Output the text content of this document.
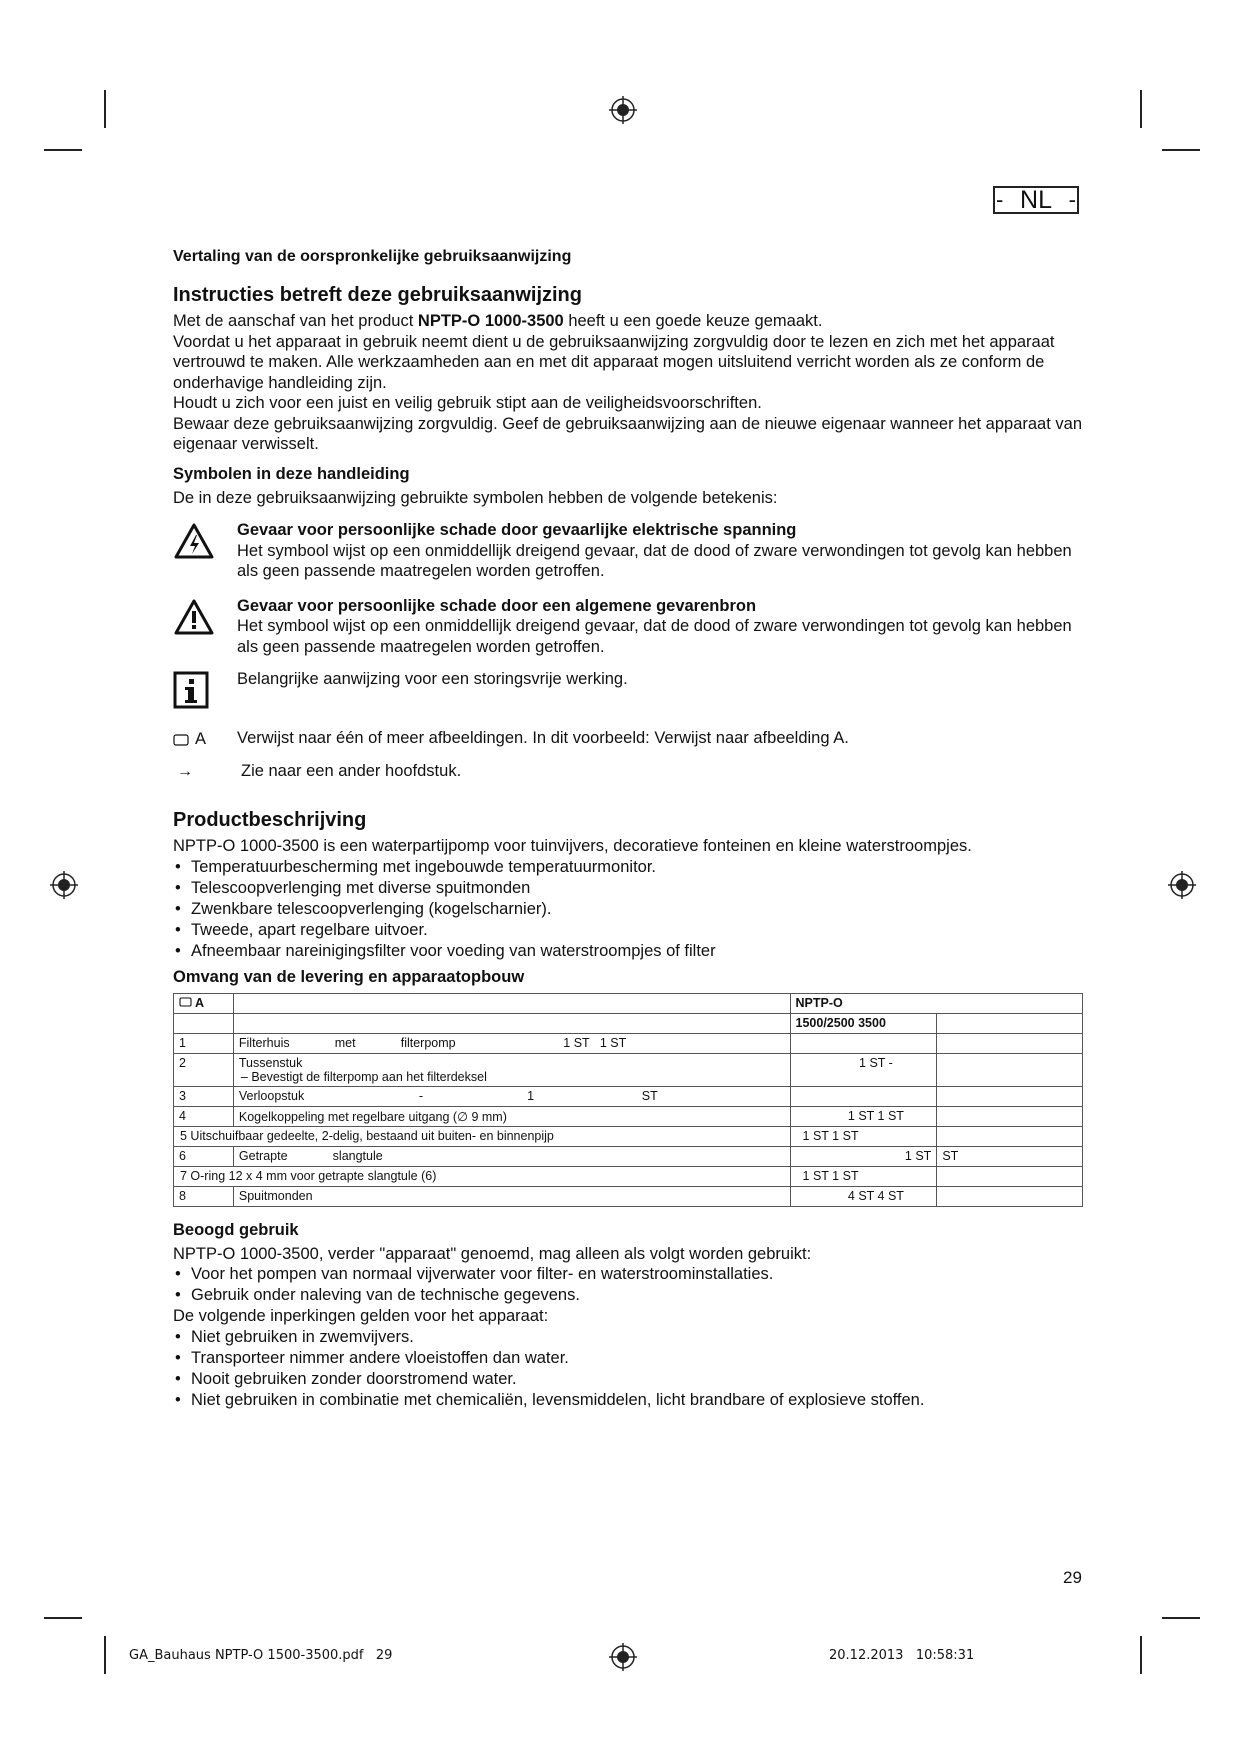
- NL -
Vertaling van de oorspronkelijke gebruiksaanwijzing
Instructies betreft deze gebruiksaanwijzing

Met de aanschaf van het product NPTP-O 1000-3500 heeft u een goede keuze gemaakt.

Voordat u het apparaat in gebruik neemt dient u de gebruiksaanwijzing zorgvuldig door te lezen en zich met het apparaat vertrouwd te maken. Alle werkzaamheden aan en met dit apparaat mogen uitsluitend verricht worden als ze conform de onderhavige handleiding zijn.

Houdt u zich voor een juist en veilig gebruik stipt aan de veiligheidsvoorschriften.

Bewaar deze gebruiksaanwijzing zorgvuldig. Geef de gebruiksaanwijzing aan de nieuwe eigenaar wanneer het apparaat van eigenaar verwisselt.

Symbolen in deze handleiding

De in deze gebruiksaanwijzing gebruikte symbolen hebben de volgende betekenis:

Gevaar voor persoonlijke schade door gevaarlijke elektrische spanning
Het symbool wijst op een onmiddellijk dreigend gevaar, dat de dood of zware verwondingen tot gevolg kan hebben als geen passende maatregelen worden getroffen.
Gevaar voor persoonlijke schade door een algemene gevarenbron
Het symbool wijst op een onmiddellijk dreigend gevaar, dat de dood of zware verwondingen tot gevolg kan hebben als geen passende maatregelen worden getroffen.
Belangrijke aanwijzing voor een storingsvrije werking.
A Verwijst naar één of meer afbeeldingen. In dit voorbeeld: Verwijst naar afbeelding A.
→	Zie naar een ander hoofdstuk.
Productbeschrijving

NPTP-O 1000-3500 is een waterpartijpomp voor tuinvijvers, decoratieve fonteinen en kleine waterstroompjes.

• Temperatuurbescherming met ingebouwde temperatuurmonitor.
• Telescoopverlenging met diverse spuitmonden
• Zwenkbare telescoopverlenging (kogelscharnier).
• Tweede, apart regelbare uitvoer.
• Afneembaar nareinigingsfilter voor voeding van waterstroompjes of filter
Omvang van de levering en apparaatopbouw
A		NPTP-O	
		1500/2500 3500	
1	Filterhuis             met             filterpomp                               1 ST   1 ST		
2	Tussenstuk
– Bevestigt de filterpomp aan het filterdeksel	1 ST -	
3	Verloopstuk                                 -                              1                               ST		
4	Kogelkoppeling met regelbare uitgang (∅ 9 mm)	1 ST 1 ST	
5 Uitschuifbaar gedeelte, 2-delig, bestaand uit buiten- en binnenpijp		1 ST 1 ST	
6	Getrapte             slangtule	1 ST	ST
7 O-ring 12 x 4 mm voor getrapte slangtule (6)		1 ST 1 ST	
8	Spuitmonden	4 ST 4 ST	
Beoogd gebruik

NPTP-O 1000-3500, verder "apparaat" genoemd, mag alleen als volgt worden gebruikt:

• Voor het pompen van normaal vijverwater voor filter- en waterstroominstallaties.
• Gebruik onder naleving van de technische gegevens.

De volgende inperkingen gelden voor het apparaat:

• Niet gebruiken in zwemvijvers.
• Transporteer nimmer andere vloeistoffen dan water.
• Nooit gebruiken zonder doorstromend water.
• Niet gebruiken in combinatie met chemicaliën, levensmiddelen, licht brandbare of explosieve stoffen.
29
GA_Bauhaus NPTP-O 1500-3500.pdf   29	20.12.2013   10:58:31
